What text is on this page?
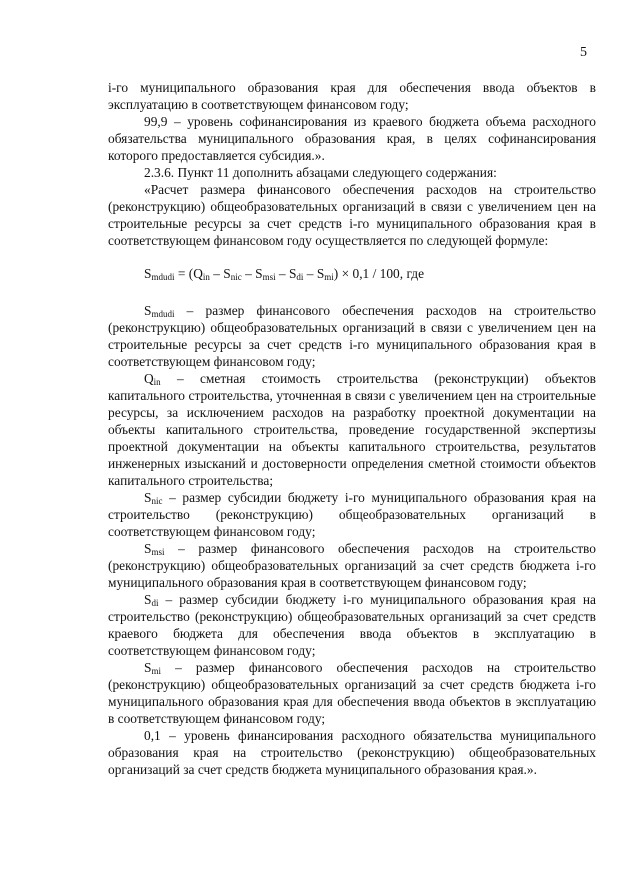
5

i-го муниципального образования края для обеспечения ввода объектов в эксплуатацию в соответствующем финансовом году;

99,9 – уровень софинансирования из краевого бюджета объема расходного обязательства муниципального образования края, в целях софинансирования которого предоставляется субсидия.».

2.3.6. Пункт 11 дополнить абзацами следующего содержания:

«Расчет размера финансового обеспечения расходов на строительство (реконструкцию) общеобразовательных организаций в связи с увеличением цен на строительные ресурсы за счет средств i-го муниципального образования края в соответствующем финансовом году осуществляется по следующей формуле:

$S_{mdudi} = (Q_{in} - S_{nic} - S_{msi} - S_{di} - S_{mi}) \times 0,1 / 100$, где

$S_{mdudi}$ – размер финансового обеспечения расходов на строительство (реконструкцию) общеобразовательных организаций в связи с увеличением цен на строительные ресурсы за счет средств i-го муниципального образования края в соответствующем финансовом году;

$Q_{in}$ – сметная стоимость строительства (реконструкции) объектов капитального строительства, уточненная в связи с увеличением цен на строительные ресурсы, за исключением расходов на разработку проектной документации на объекты капитального строительства, проведение государственной экспертизы проектной документации на объекты капитального строительства, результатов инженерных изысканий и достоверности определения сметной стоимости объектов капитального строительства;

$S_{nic}$ – размер субсидии бюджету i-го муниципального образования края на строительство (реконструкцию) общеобразовательных организаций в соответствующем финансовом году;

$S_{msi}$ – размер финансового обеспечения расходов на строительство (реконструкцию) общеобразовательных организаций за счет средств бюджета i-го муниципального образования края в соответствующем финансовом году;

$S_{di}$ – размер субсидии бюджету i-го муниципального образования края на строительство (реконструкцию) общеобразовательных организаций за счет средств краевого бюджета для обеспечения ввода объектов в эксплуатацию в соответствующем финансовом году;

$S_{mi}$ – размер финансового обеспечения расходов на строительство (реконструкцию) общеобразовательных организаций за счет средств бюджета i-го муниципального образования края для обеспечения ввода объектов в эксплуатацию в соответствующем финансовом году;

0,1 – уровень финансирования расходного обязательства муниципального образования края на строительство (реконструкцию) общеобразовательных организаций за счет средств бюджета муниципального образования края.».
